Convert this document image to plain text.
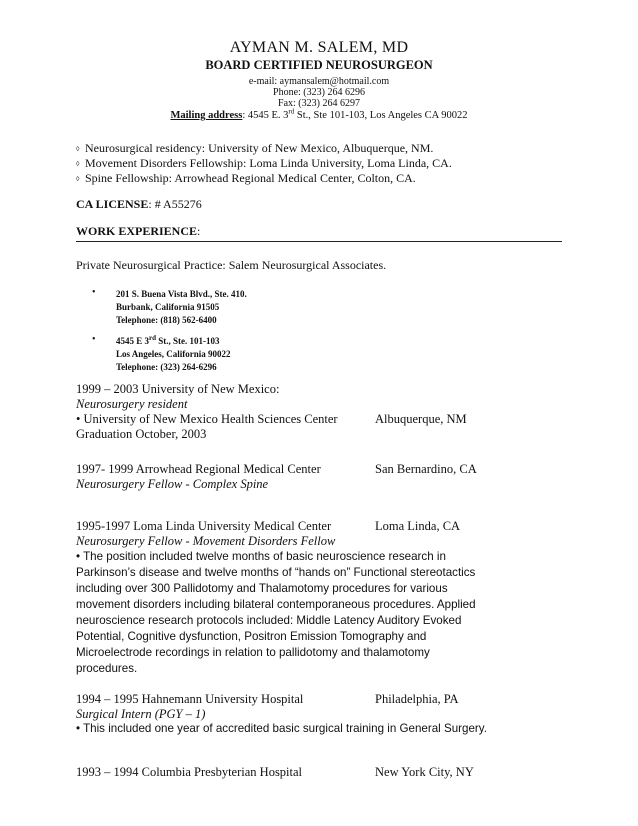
AYMAN M. SALEM, MD
BOARD CERTIFIED NEUROSURGEON
e-mail: aymansalem@hotmail.com
Phone: (323) 264 6296
Fax: (323) 264 6297
Mailing address: 4545 E. 3rd St., Ste 101-103, Los Angeles CA 90022
◊ Neurosurgical residency: University of New Mexico, Albuquerque, NM.
◊ Movement Disorders Fellowship: Loma Linda University, Loma Linda, CA.
◊ Spine Fellowship: Arrowhead Regional Medical Center, Colton, CA.
CA LICENSE: # A55276
WORK EXPERIENCE:
Private Neurosurgical Practice: Salem Neurosurgical Associates.
• 201 S. Buena Vista Blvd., Ste. 410.
Burbank, California 91505
Telephone: (818) 562-6400
• 4545 E 3rd St., Ste. 101-103
Los Angeles, California 90022
Telephone: (323) 264-6296
1999 – 2003 University of New Mexico:
Neurosurgery resident
• University of New Mexico Health Sciences Center	Albuquerque, NM
Graduation October, 2003
1997- 1999 Arrowhead Regional Medical Center	San Bernardino, CA
Neurosurgery Fellow - Complex Spine
1995-1997 Loma Linda University Medical Center	Loma Linda, CA
Neurosurgery Fellow - Movement Disorders Fellow
• The position included twelve months of basic neuroscience research in
Parkinson’s disease and twelve months of “hands on” Functional stereotactics
including over 300 Pallidotomy and Thalamotomy procedures for various
movement disorders including bilateral contemporaneous procedures. Applied
neuroscience research protocols included: Middle Latency Auditory Evoked
Potential, Cognitive dysfunction, Positron Emission Tomography and
Microelectrode recordings in relation to pallidotomy and thalamotomy
procedures.
1994 – 1995 Hahnemann University Hospital	Philadelphia, PA
Surgical Intern (PGY – 1)
• This included one year of accredited basic surgical training in General Surgery.
1993 – 1994 Columbia Presbyterian Hospital	New York City, NY
